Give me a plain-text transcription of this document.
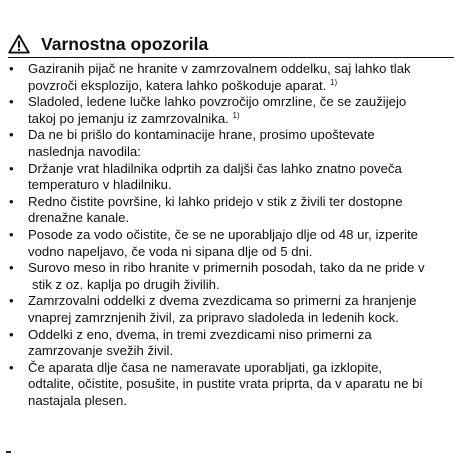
Varnostna opozorila
•	Gaziranih pijač ne hranite v zamrzovalnem oddelku, saj lahko tlak
povzroči eksplozijo, katera lahko poškoduje aparat. $^{1)}$
•	Sladoled, ledene lučke lahko povzročijo omrzline, če se zaužijejo
takoj po jemanju iz zamrzovalnika. $^{1)}$
•	Da ne bi prišlo do kontaminacije hrane, prosimo upoštevate
naslednja navodila:
•	Držanje vrat hladilnika odprtih za daljši čas lahko znatno poveča
temperaturo v hladilniku.
•	Redno čistite površine, ki lahko pridejo v stik z živili ter dostopne
drenažne kanale.
•	Posode za vodo očistite, če se ne uporabljajo dlje od 48 ur, izperite
vodno napeljavo, če voda ni sipana dlje od 5 dni.
•	Surovo meso in ribo hranite v primernih posodah, tako da ne pride v
stik z oz. kaplja po drugih živilih.
•	Zamrzovalni oddelki z dvema zvezdicama so primerni za hranjenje
vnaprej zamrznjenih živil, za pripravo sladoleda in ledenih kock.
•	Oddelki z eno, dvema, in tremi zvezdicami niso primerni za
zamrzovanje svežih živil.
•	Če aparata dlje časa ne nameravate uporabljati, ga izklopite,
odtalite, očistite, posušite, in pustite vrata priprta, da v aparatu ne bi
nastajala plesen.
